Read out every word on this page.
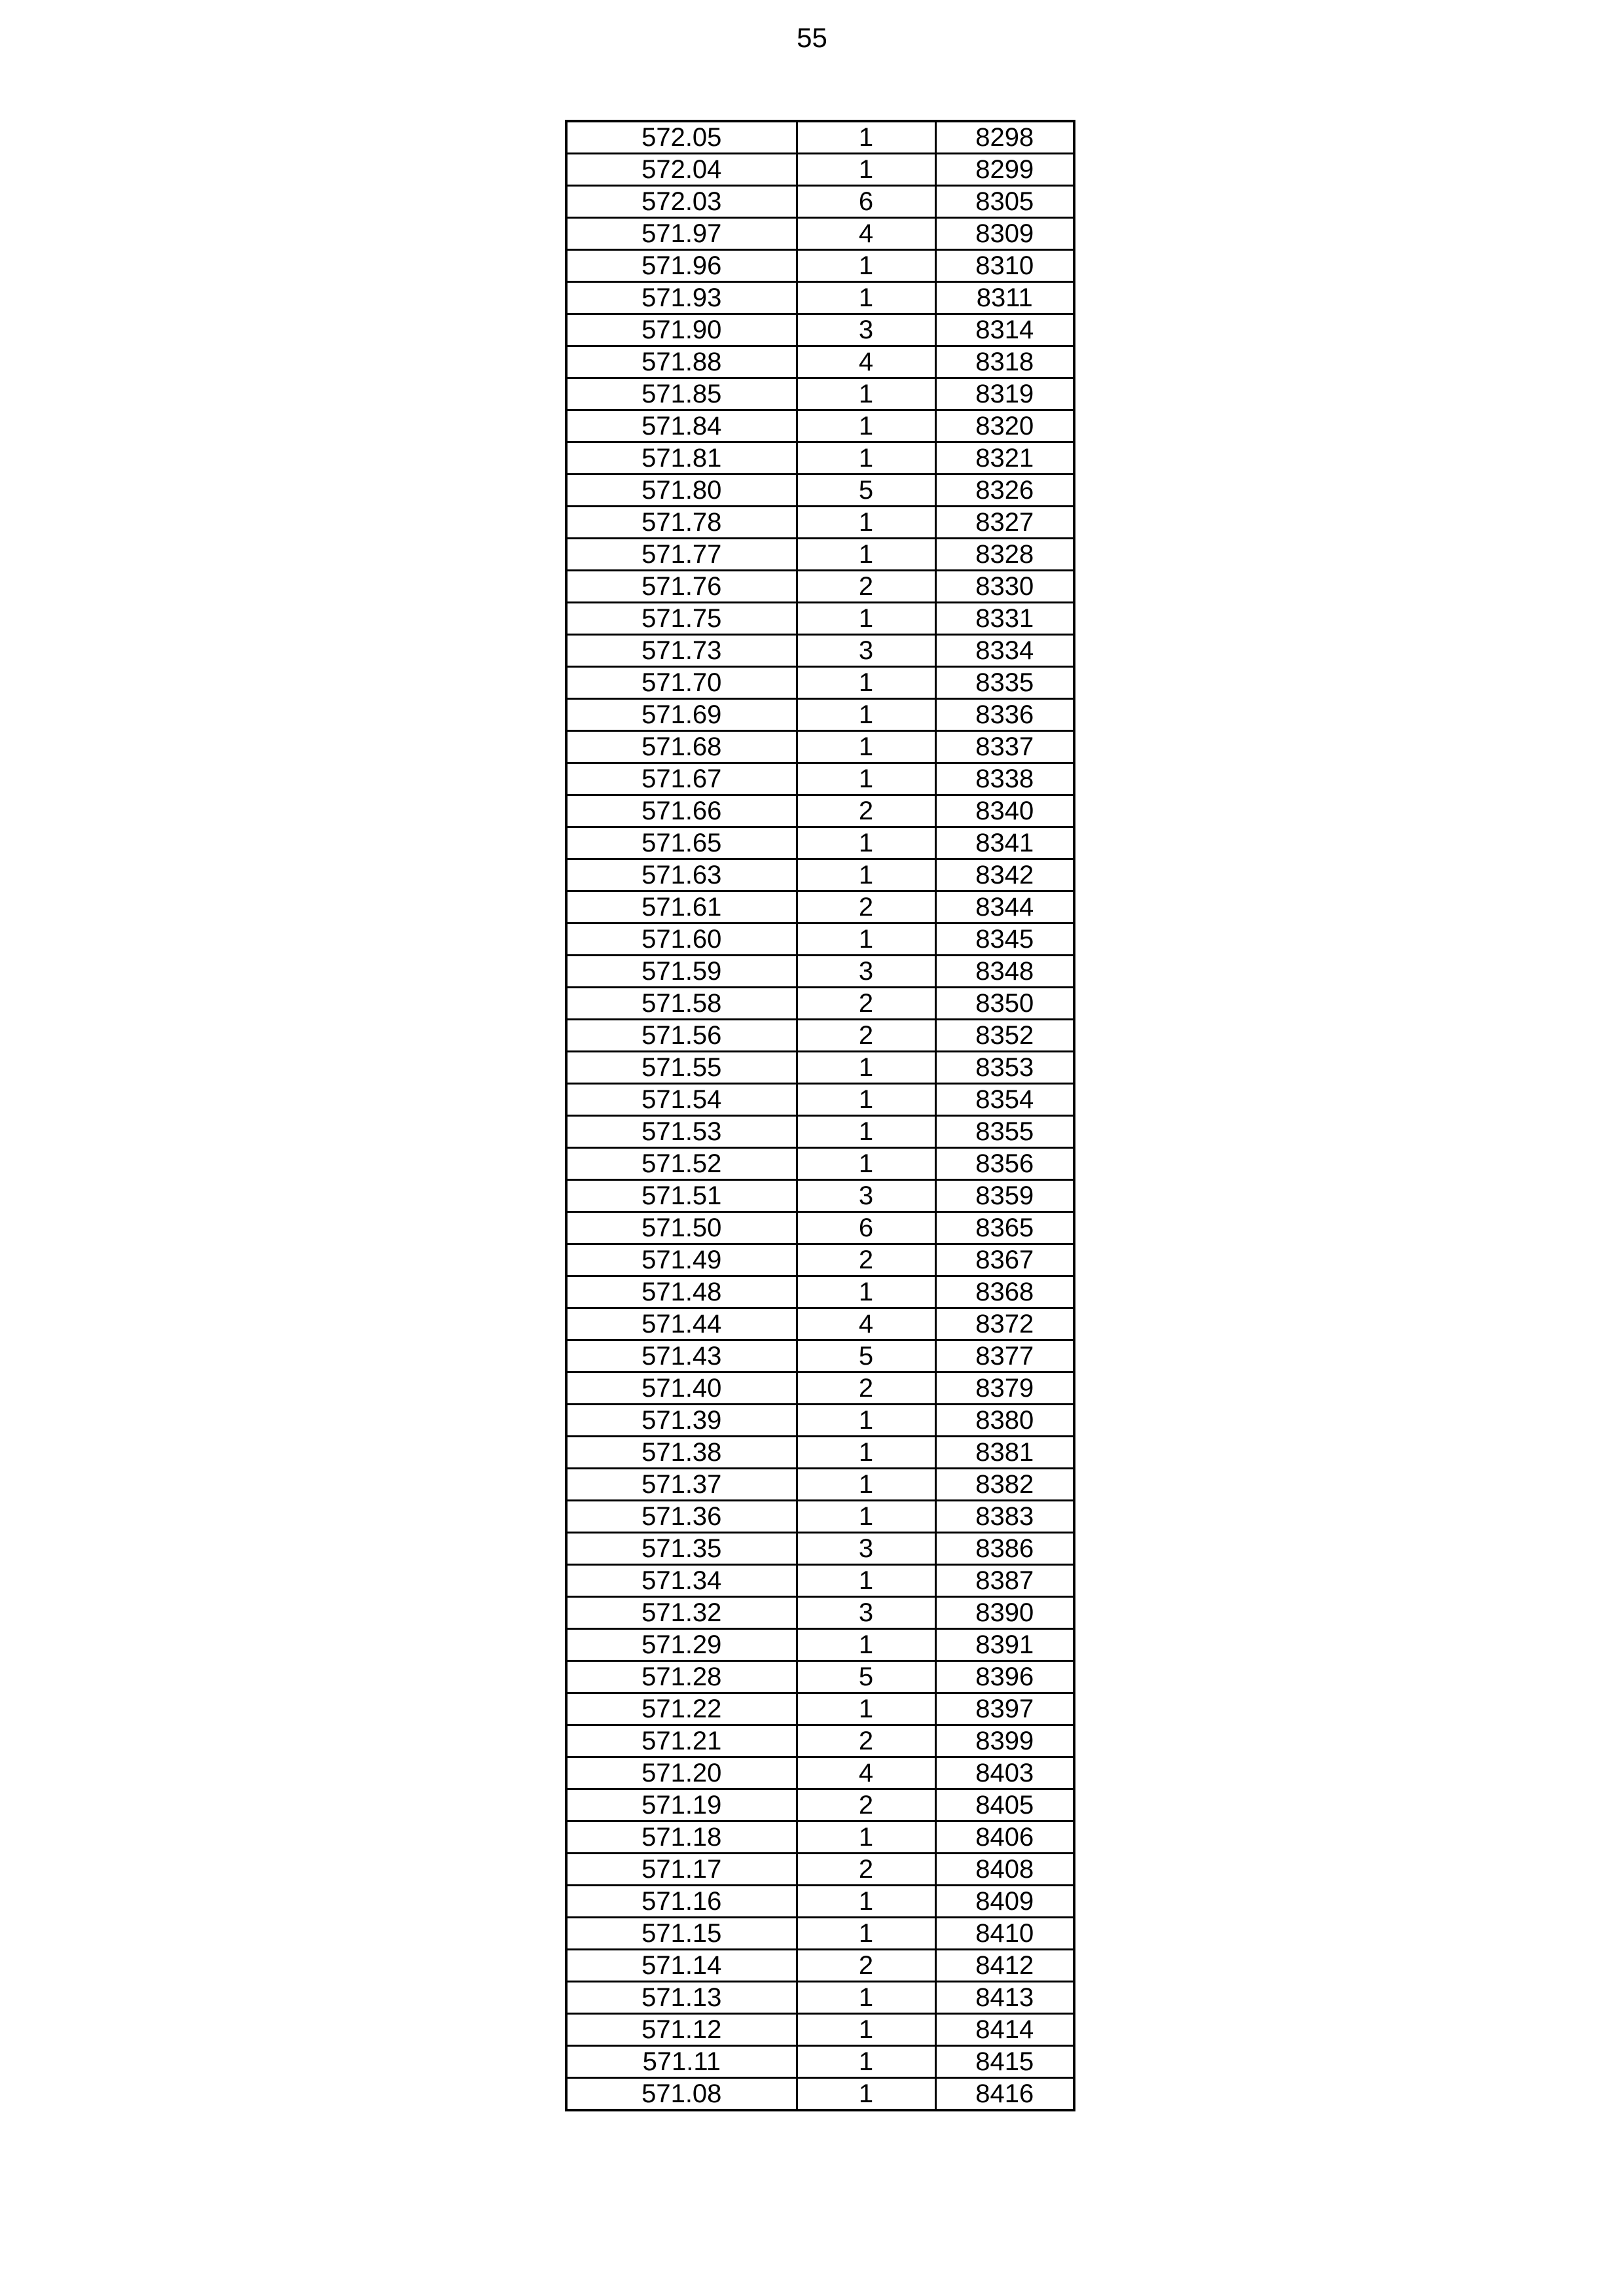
55
572.05	1	8298
572.04	1	8299
572.03	6	8305
571.97	4	8309
571.96	1	8310
571.93	1	8311
571.90	3	8314
571.88	4	8318
571.85	1	8319
571.84	1	8320
571.81	1	8321
571.80	5	8326
571.78	1	8327
571.77	1	8328
571.76	2	8330
571.75	1	8331
571.73	3	8334
571.70	1	8335
571.69	1	8336
571.68	1	8337
571.67	1	8338
571.66	2	8340
571.65	1	8341
571.63	1	8342
571.61	2	8344
571.60	1	8345
571.59	3	8348
571.58	2	8350
571.56	2	8352
571.55	1	8353
571.54	1	8354
571.53	1	8355
571.52	1	8356
571.51	3	8359
571.50	6	8365
571.49	2	8367
571.48	1	8368
571.44	4	8372
571.43	5	8377
571.40	2	8379
571.39	1	8380
571.38	1	8381
571.37	1	8382
571.36	1	8383
571.35	3	8386
571.34	1	8387
571.32	3	8390
571.29	1	8391
571.28	5	8396
571.22	1	8397
571.21	2	8399
571.20	4	8403
571.19	2	8405
571.18	1	8406
571.17	2	8408
571.16	1	8409
571.15	1	8410
571.14	2	8412
571.13	1	8413
571.12	1	8414
571.11	1	8415
571.08	1	8416
